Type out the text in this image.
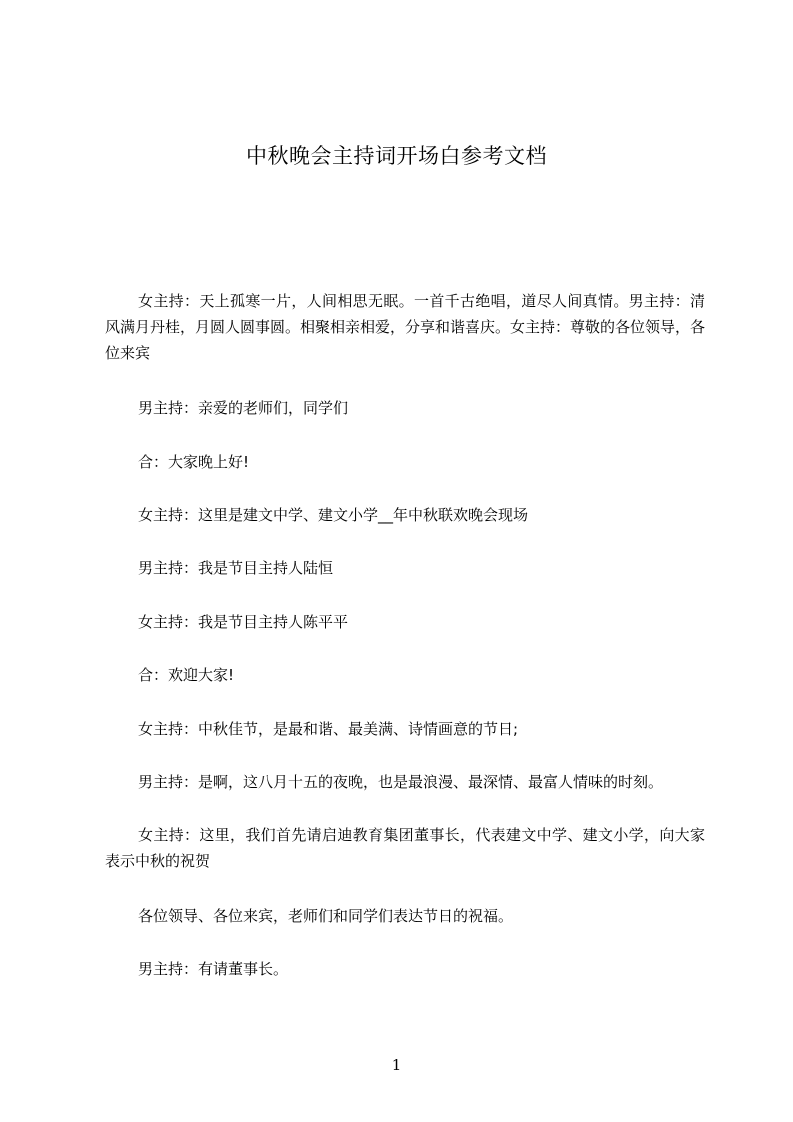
中秋晚会主持词开场白参考文档

女主持：天上孤寒一片，人间相思无眠。一首千古绝唱，道尽人间真情。男主持：清风满月丹桂，月圆人圆事圆。相聚相亲相爱，分享和谐喜庆。女主持：尊敬的各位领导，各位来宾

男主持：亲爱的老师们，同学们

合：大家晚上好!

女主持：这里是建文中学、建文小学__年中秋联欢晚会现场

男主持：我是节目主持人陆恒

女主持：我是节目主持人陈平平

合：欢迎大家!

女主持：中秋佳节，是最和谐、最美满、诗情画意的节日;

男主持：是啊，这八月十五的夜晚，也是最浪漫、最深情、最富人情味的时刻。

女主持：这里，我们首先请启迪教育集团董事长，代表建文中学、建文小学，向大家表示中秋的祝贺

各位领导、各位来宾，老师们和同学们表达节日的祝福。

男主持：有请董事长。

1
